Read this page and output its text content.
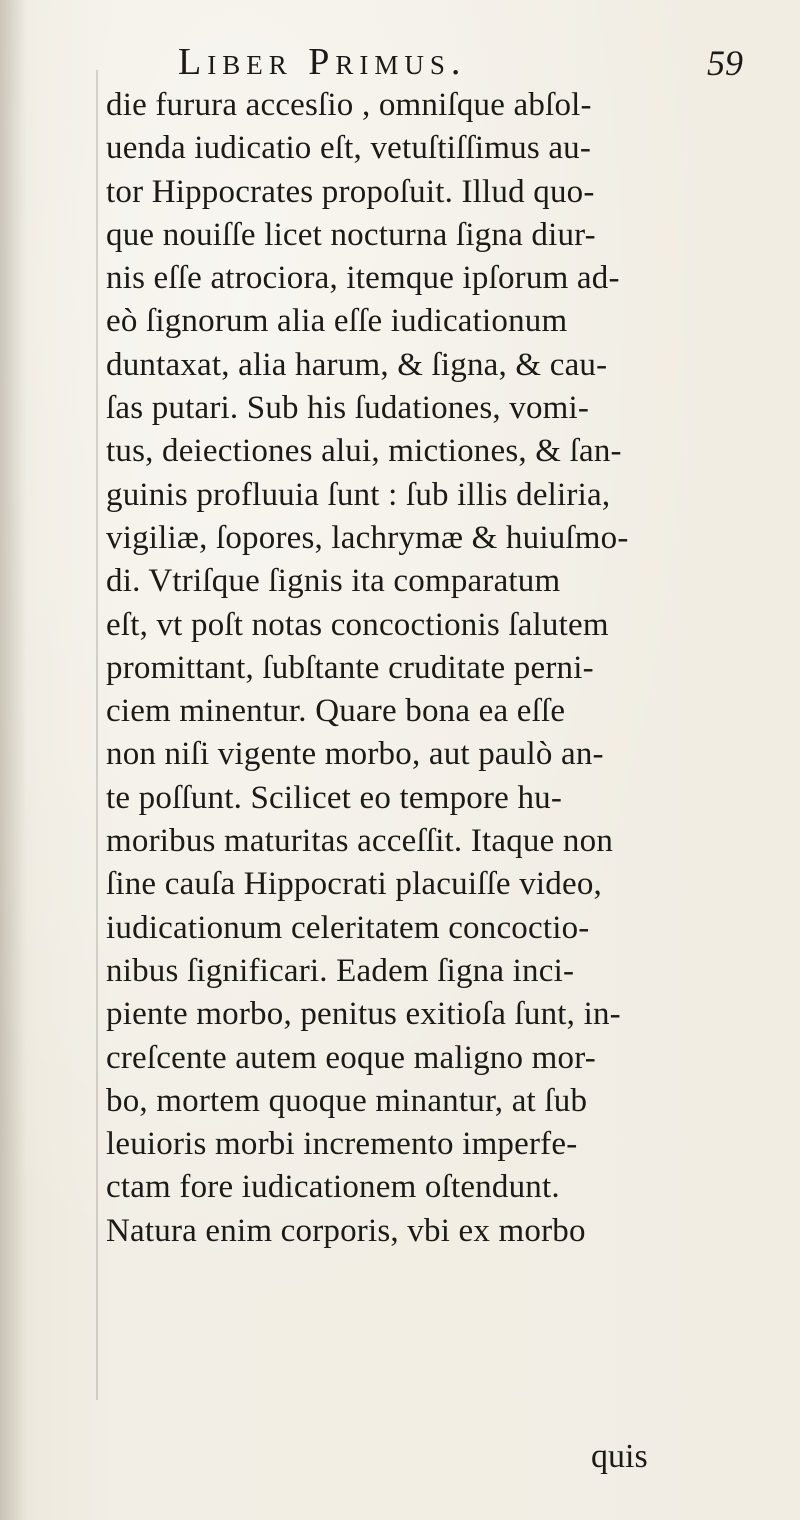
Liber Primus.	59
die furura accesſio , omniſque abſol-
uenda iudicatio eſt, vetuſtiſſimus au-
tor Hippocrates propoſuit. Illud quo-
que nouiſſe licet nocturna ſigna diur-
nis eſſe atrociora, itemque ipſorum ad-
eò ſignorum alia eſſe iudicationum
duntaxat, alia harum, & ſigna, & cau-
ſas putari. Sub his ſudationes, vomi-
tus, deiectiones alui, mictiones, & ſan-
guinis profluuia ſunt : ſub illis deliria,
vigiliæ, ſopores, lachrymæ & huiuſmo-
di. Vtriſque ſignis ita comparatum
eſt, vt poſt notas concoctionis ſalutem
promittant, ſubſtante cruditate perni-
ciem minentur. Quare bona ea eſſe
non niſi vigente morbo, aut paulò an-
te poſſunt. Scilicet eo tempore hu-
moribus maturitas acceſſit. Itaque non
ſine cauſa Hippocrati placuiſſe video,
iudicationum celeritatem concoctio-
nibus ſignificari. Eadem ſigna inci-
piente morbo, penitus exitioſa ſunt, in-
creſcente autem eoque maligno mor-
bo, mortem quoque minantur, at ſub
leuioris morbi incremento imperfe-
ctam fore iudicationem oſtendunt.
Natura enim corporis, vbi ex morbo
quis
